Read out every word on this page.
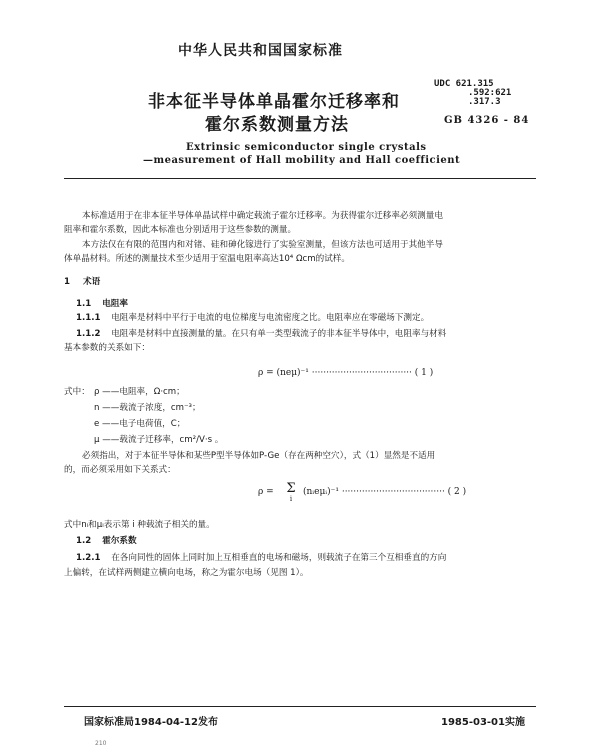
中华人民共和国国家标准
非本征半导体单晶霍尔迁移率和
霍尔系数测量方法
UDC 621.315
.592:621
.317.3
GB 4326 - 84
Extrinsic semiconductor single crystals
—measurement of Hall mobility and Hall coefficient
本标准适用于在非本征半导体单晶试样中确定载流子霍尔迁移率。为获得霍尔迁移率必须测量电
阻率和霍尔系数，因此本标准也分别适用于这些参数的测量。
本方法仅在有限的范围内和对锗、硅和砷化镓进行了实验室测量，但该方法也可适用于其他半导
体单晶材料。所述的测量技术至少适用于室温电阻率高达10⁴ Ωcm的试样。
1 术语
1.1 电阻率
1.1.1 电阻率是材料中平行于电流的电位梯度与电流密度之比。电阻率应在零磁场下测定。
1.1.2 电阻率是材料中直接测量的量。在只有单一类型载流子的非本征半导体中，电阻率与材料
基本参数的关系如下：
ρ = (neμ)⁻¹ ··································· ( 1 )
式中： ρ ——电阻率，Ω·cm；
n ——载流子浓度，cm⁻³；
e ——电子电荷值，C；
μ ——载流子迁移率，cm²/V·s 。
必须指出，对于本征半导体和某些P型半导体如P-Ge（存在两种空穴），式（1）显然是不适用
的，而必须采用如下关系式：
ρ = Σ
i
(nᵢeμᵢ)⁻¹ ···································· ( 2 )
式中nᵢ和μᵢ表示第 i 种载流子相关的量。
1.2 霍尔系数
1.2.1 在各向同性的固体上同时加上互相垂直的电场和磁场，则载流子在第三个互相垂直的方向
上偏转，在试样两侧建立横向电场，称之为霍尔电场（见图 1）。
国家标准局1984-04-12发布	1985-03-01实施
210
